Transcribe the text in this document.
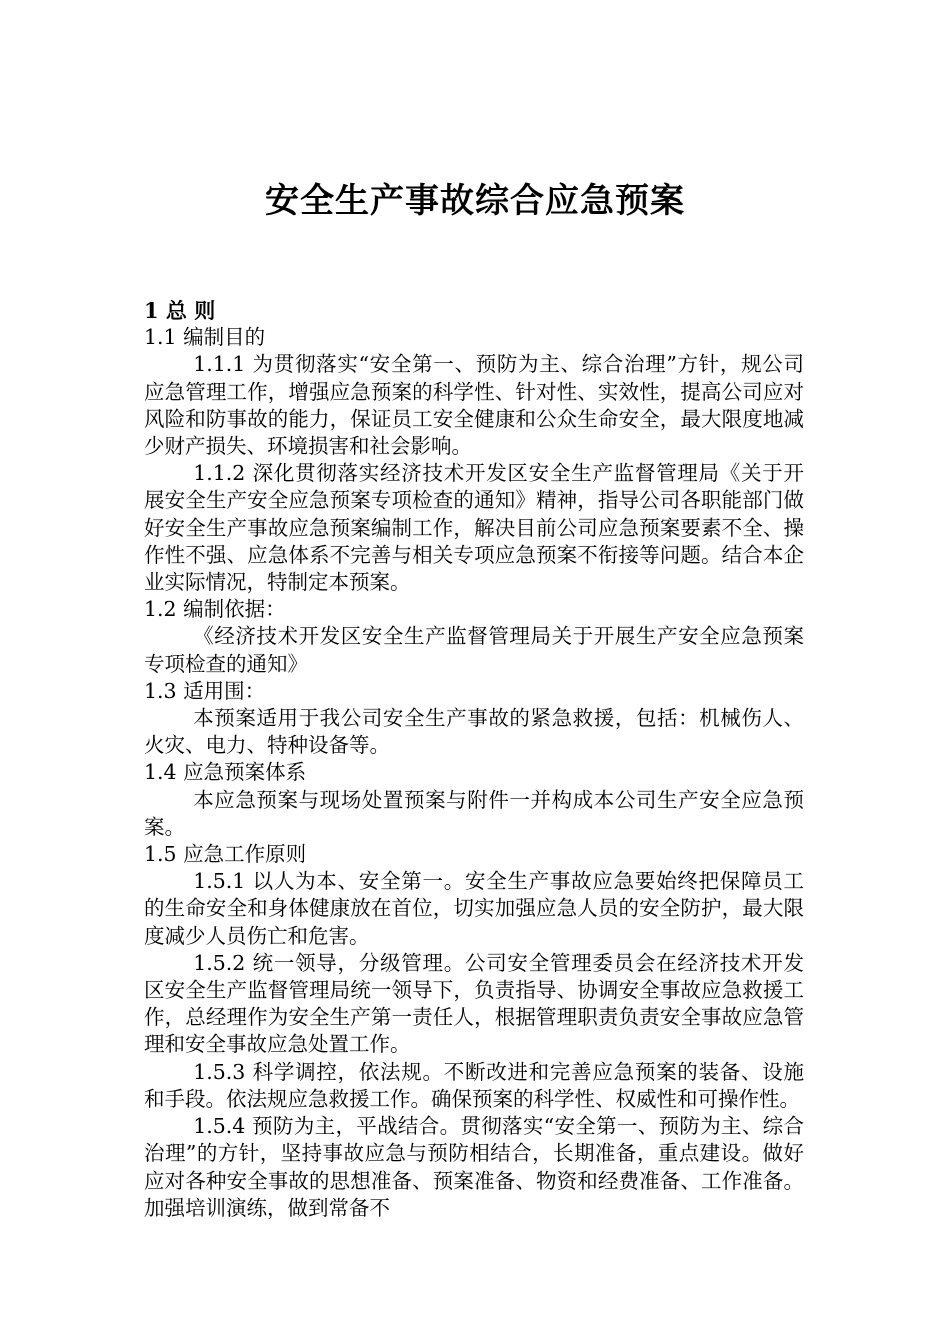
安全生产事故综合应急预案

1 总 则

1.1 编制目的

1.1.1 为贯彻落实“安全第一、预防为主、综合治理”方针，规公司应急管理工作，增强应急预案的科学性、针对性、实效性，提高公司应对风险和防事故的能力，保证员工安全健康和公众生命安全，最大限度地减少财产损失、环境损害和社会影响。

1.1.2 深化贯彻落实经济技术开发区安全生产监督管理局《关于开展安全生产安全应急预案专项检查的通知》精神，指导公司各职能部门做好安全生产事故应急预案编制工作，解决目前公司应急预案要素不全、操作性不强、应急体系不完善与相关专项应急预案不衔接等问题。结合本企业实际情况，特制定本预案。

1.2 编制依据：

《经济技术开发区安全生产监督管理局关于开展生产安全应急预案专项检查的通知》

1.3 适用围：

本预案适用于我公司安全生产事故的紧急救援，包括：机械伤人、火灾、电力、特种设备等。

1.4 应急预案体系

本应急预案与现场处置预案与附件一并构成本公司生产安全应急预案。

1.5 应急工作原则

1.5.1 以人为本、安全第一。安全生产事故应急要始终把保障员工的生命安全和身体健康放在首位，切实加强应急人员的安全防护，最大限度减少人员伤亡和危害。

1.5.2 统一领导，分级管理。公司安全管理委员会在经济技术开发区安全生产监督管理局统一领导下，负责指导、协调安全事故应急救援工作，总经理作为安全生产第一责任人，根据管理职责负责安全事故应急管理和安全事故应急处置工作。

1.5.3 科学调控，依法规。不断改进和完善应急预案的装备、设施和手段。依法规应急救援工作。确保预案的科学性、权威性和可操作性。

1.5.4 预防为主，平战结合。贯彻落实“安全第一、预防为主、综合治理”的方针，坚持事故应急与预防相结合，长期准备，重点建设。做好应对各种安全事故的思想准备、预案准备、物资和经费准备、工作准备。加强培训演练，做到常备不
